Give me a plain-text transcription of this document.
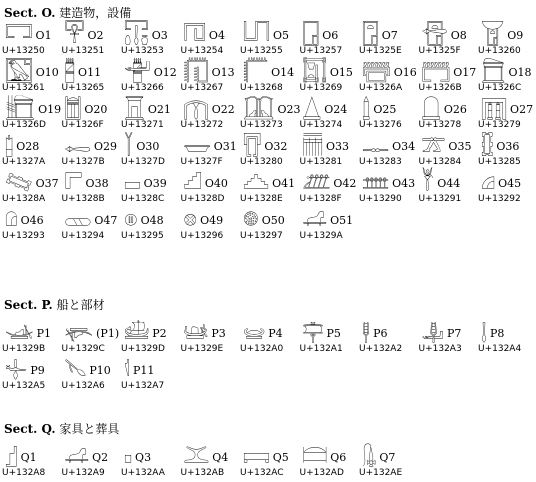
Sect. O. 建造物，設備
𓉐 O1
U+13250
𓉑 O2
U+13251
𓉓 O3
U+13253
𓉔 O4
U+13254
𓉕 O5
U+13255
𓉗 O6
U+13257
𓉞 O7
U+1325E
𓉟 O8
U+1325F
𓉠 O9
U+13260
𓉡 O10
U+13261
𓉥 O11
U+13265
𓉦 O12
U+13266
𓉧 O13
U+13267
𓉨 O14
U+13268
𓉩 O15
U+13269
𓉪 O16
U+1326A
𓉫 O17
U+1326B
𓉬 O18
U+1326C
𓉭 O19
U+1326D
𓉯 O20
U+1326F
𓉱 O21
U+13271
𓉲 O22
U+13272
𓉳 O23
U+13273
𓉴 O24
U+13274
𓉶 O25
U+13276
𓉸 O26
U+13278
𓉹 O27
U+13279
𓉺 O28
U+1327A
𓉻 O29
U+1327B
𓉽 O30
U+1327D
𓉿 O31
U+1327F
𓊀 O32
U+13280
𓊁 O33
U+13281
𓊃 O34
U+13283
𓊄 O35
U+13284
𓊅 O36
U+13285
𓊊 O37
U+1328A
𓊋 O38
U+1328B
𓊌 O39
U+1328C
𓊍 O40
U+1328D
𓊎 O41
U+1328E
𓊏 O42
U+1328F
𓊐 O43
U+13290
𓊑 O44
U+13291
𓊒 O45
U+13292
𓊓 O46
U+13293
𓊔 O47
U+13294
𓊕 O48
U+13295
𓊖 O49
U+13296
𓊗 O50
U+13297
𓊩 O51
U+1329A
Sect. P. 船と部材
𓊛 P1
U+1329B
𓊜 (P1)
U+1329C
𓊝 P2
U+1329D
𓊞 P3
U+1329E
𓊠 P4
U+132A0
𓊡 P5
U+132A1
𓊢 P6
U+132A2
𓊣 P7
U+132A3
𓊤 P8
U+132A4
𓊥 P9
U+132A5
𓊦 P10
U+132A6
𓊧 P11
U+132A7
Sect. Q. 家具と葬具
𓊨 Q1
U+132A8
𓊩 Q2
U+132A9
𓊪 Q3
U+132AA
𓊫 Q4
U+132AB
𓊬 Q5
U+132AC
𓊭 Q6
U+132AD
𓊮 Q7
U+132AE
